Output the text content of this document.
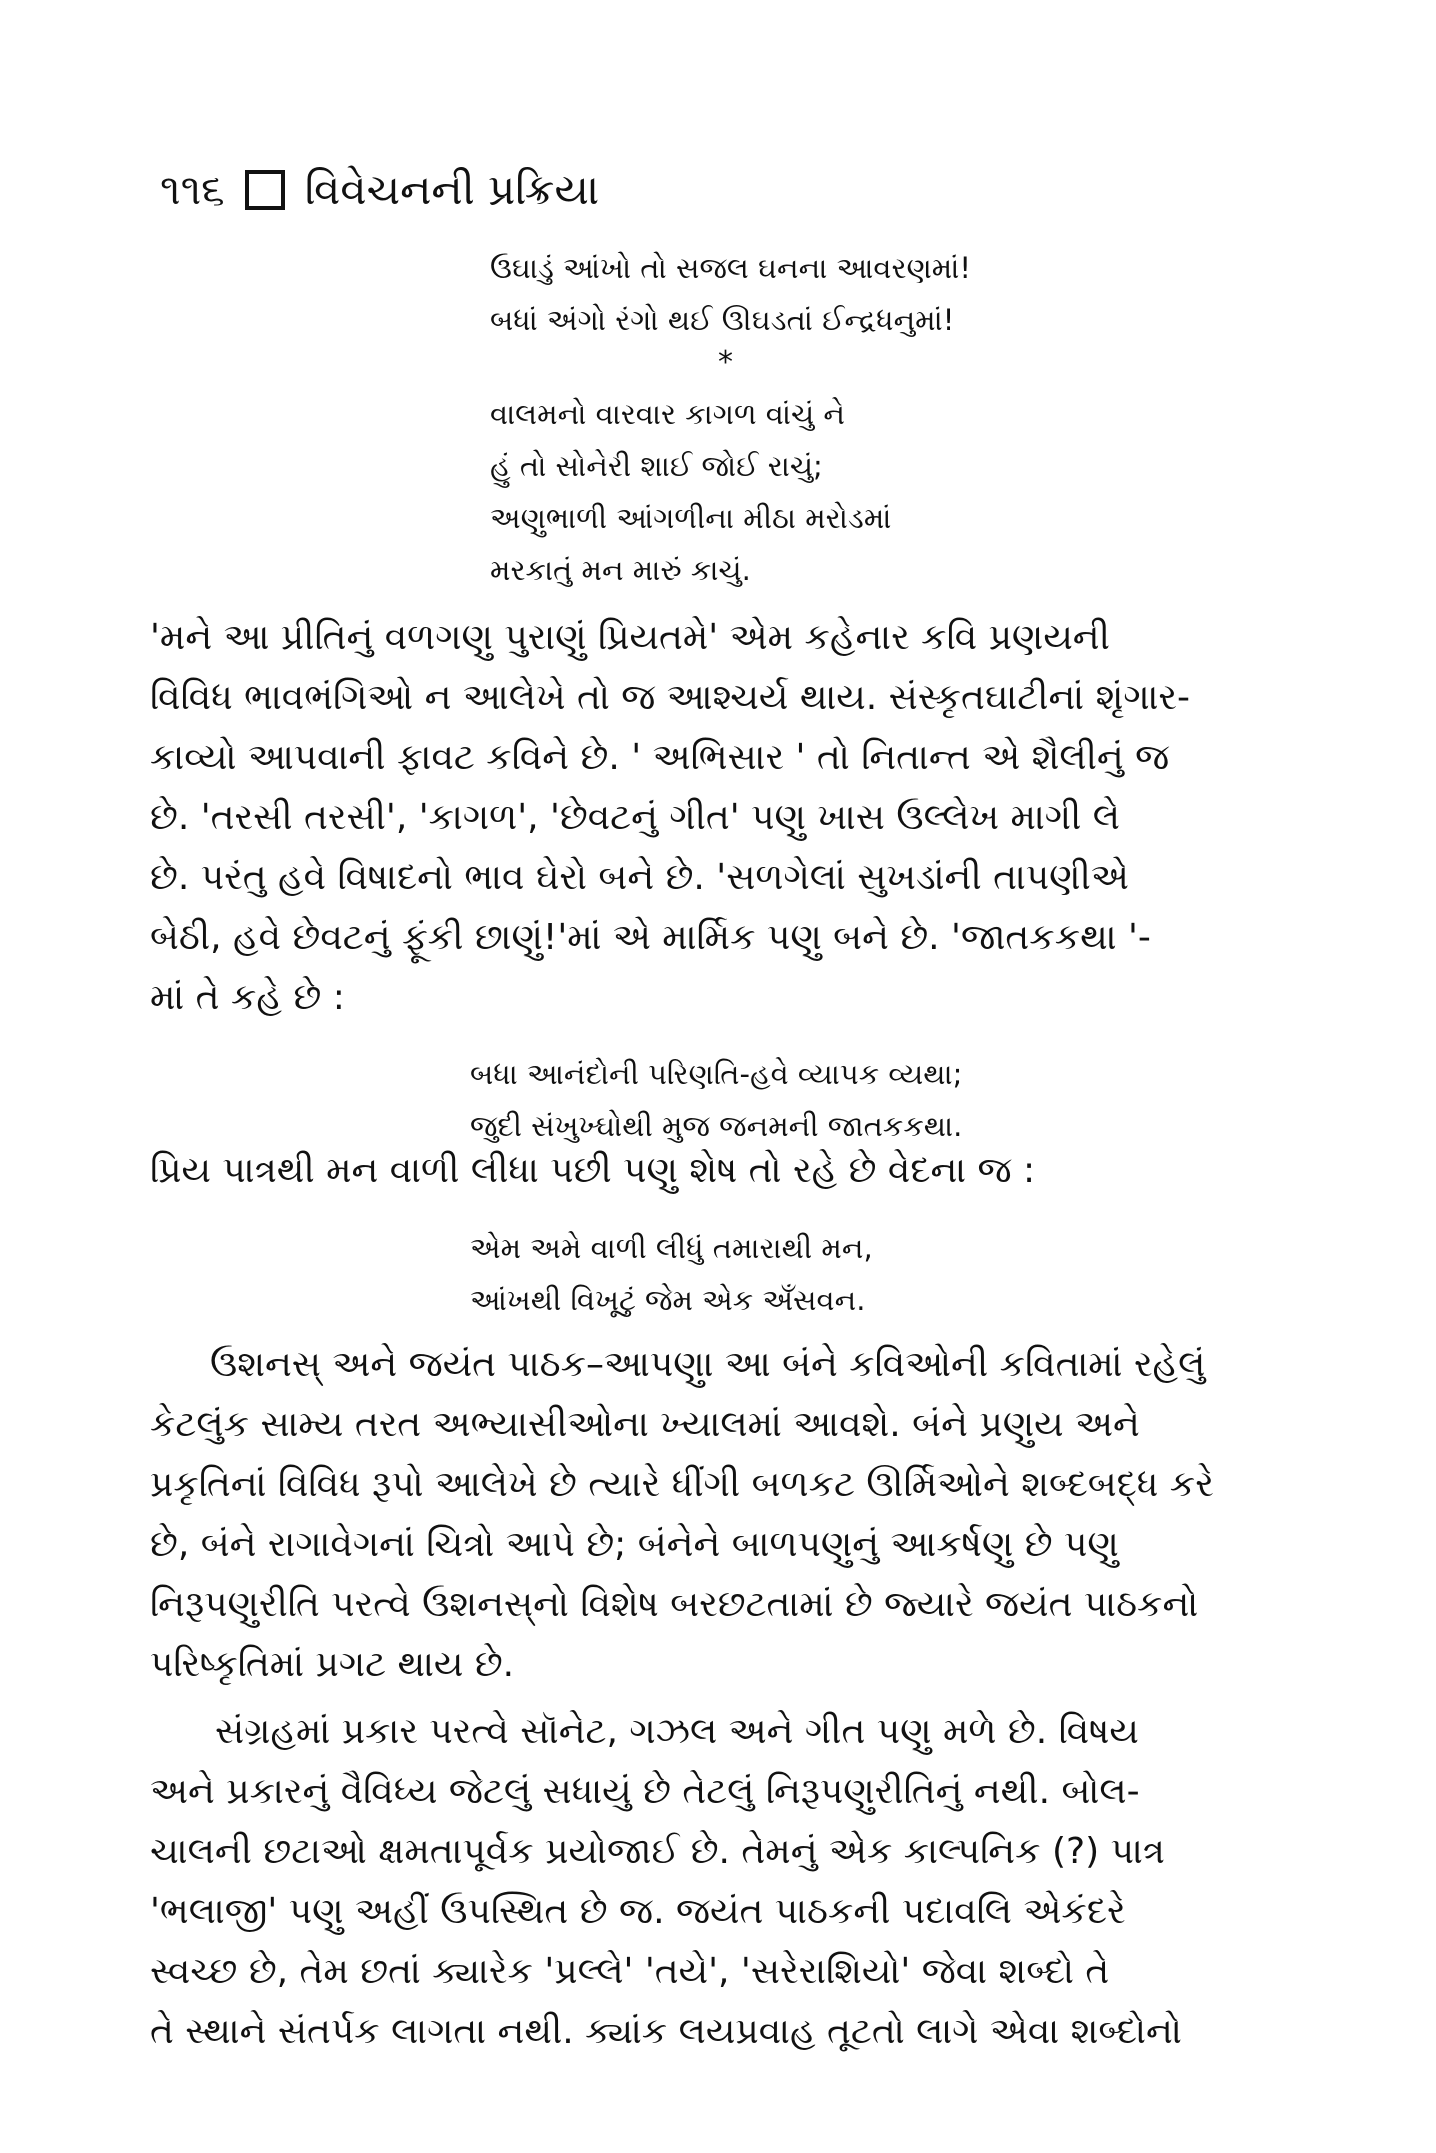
૧૧૬ વિવેચનની પ્રક્રિયા
ઉઘાડું આંખો તો સજલ ઘનના આવરણમાં!
બધાં અંગો રંગો થઈ ઊઘડતાં ઈન્દ્રધનુમાં!
*
વાલમનો વારવાર કાગળ વાંચું ને
હું તો સોનેરી શાઈ જોઈ રાચું;
અણુભાળી આંગળીના મીઠા મરોડમાં
મરકાતું મન મારું કાચું.
'મને આ પ્રીતિનું વળગણુ પુરાણું પ્રિયતમે' એમ કહેનાર કવિ પ્રણયની
વિવિધ ભાવભંગિઓ ન આલેખે તો જ આશ્ચર્ય થાય. સંસ્કૃતઘાટીનાં શૃંગાર-
કાવ્યો આપવાની ફાવટ કવિને છે. ' અભિસાર ' તો નિતાન્ત એ શૈલીનું જ
છે. 'તરસી તરસી', 'કાગળ', 'છેવટનું ગીત' પણુ ખાસ ઉલ્લેખ માગી લે
છે. પરંતુ હવે વિષાદનો ભાવ ઘેરો બને છે. 'સળગેલાં સુખડાંની તાપણીએ
બેઠી, હવે છેવટનું ફૂંકી છાણું!'માં એ માર્મિક પણુ બને છે. 'જાતકકથા '-
માં તે કહે છે :
બધા આનંદોની પરિણતિ-હવે વ્યાપક વ્યથા;
જુદી સંખુખ્ઘોથી મુજ જનમની જાતકકથા.
પ્રિય પાત્રથી મન વાળી લીધા પછી પણુ શેષ તો રહે છે વેદના જ :
એમ અમે વાળી લીધું તમારાથી મન,
આંખથી વિખૂટું જેમ એક અઁસવન.
ઉશનસ્ અને જયંત પાઠક–આપણુા આ બંને કવિઓની કવિતામાં રહેલું
કેટલુંક સામ્ય તરત અભ્યાસીઓના ખ્યાલમાં આવશે. બંને પ્રણુય અને
પ્રકૃતિનાં વિવિધ રૂપો આલેખે છે ત્યારે ધીંગી બળકટ ઊર્મિઓને શબ્દબદ્ધ કરે
છે, બંને રાગાવેગનાં ચિત્રો આપે છે; બંનેને બાળપણુનું આકર્ષણુ છે પણુ
નિરૂપણુરીતિ પરત્વે ઉશનસ્‌નો વિશેષ બરછટતામાં છે જ્યારે જયંત પાઠકનો
પરિષ્કૃતિમાં પ્રગટ થાય છે.
સંગ્રહમાં પ્રકાર પરત્વે સૉનેટ, ગઝલ અને ગીત પણુ મળે છે. વિષય
અને પ્રકારનું વૈવિધ્ય જેટલું સધાયું છે તેટલું નિરૂપણુરીતિનું નથી. બોલ-
ચાલની છટાઓ ક્ષમતાપૂર્વક પ્રયોજાઈ છે. તેમનું એક કાલ્પનિક (?) પાત્ર
'ભલાજી' પણુ અહીં ઉપસ્થિત છે જ. જયંત પાઠકની પદાવલિ એકંદરે
સ્વચ્છ છે, તેમ છતાં ક્યારેક 'પ્રલ્લે' 'તયે', 'સરેરાશિયો' જેવા શબ્દો તે
તે સ્થાને સંતર્પક લાગતા નથી. ક્યાંક લયપ્રવાહ તૂટતો લાગે એવા શબ્દોનો
